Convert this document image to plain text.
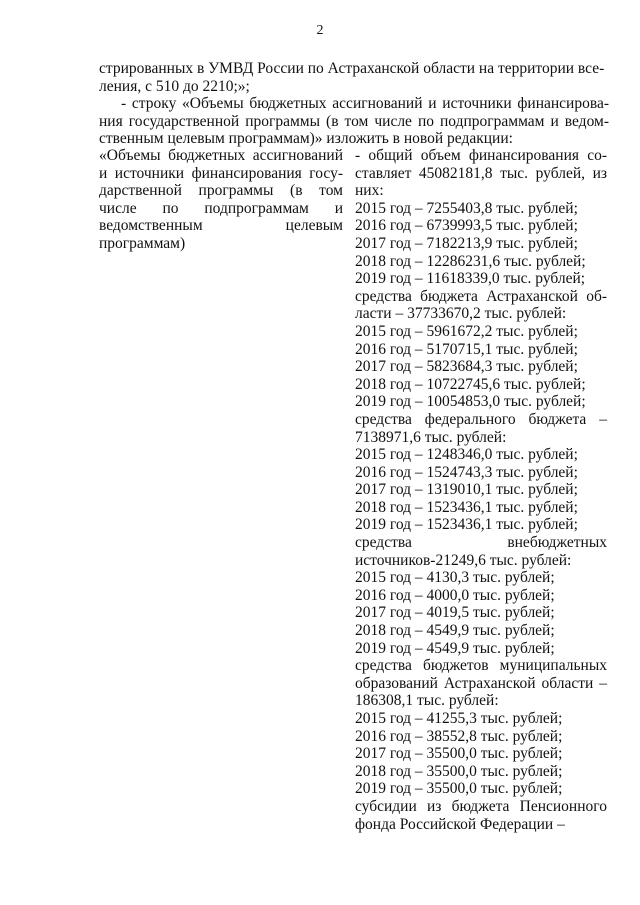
2

стрированных в УМВД России по Астраханской области на территории все-

ления, с 510 до 2210;»;

- строку «Объемы бюджетных ассигнований и источники финансирова-ния государственной программы (в том числе по подпрограммам и ведом-ственным целевым программам)» изложить в новой редакции:

«Объемы бюджетных ассигнований и источники финансирования госу-дарственной программы (в том числе по подпрограммам и ведомственным целевым программам)
- общий объем финансирования со-ставляет 45082181,8 тыс. рублей, из них:
2015 год – 7255403,8 тыс. рублей;
2016 год – 6739993,5 тыс. рублей;
2017 год – 7182213,9 тыс. рублей;
2018 год – 12286231,6 тыс. рублей;
2019 год – 11618339,0 тыс. рублей;
средства бюджета Астраханской об-ласти – 37733670,2 тыс. рублей:
2015 год – 5961672,2 тыс. рублей;
2016 год – 5170715,1 тыс. рублей;
2017 год – 5823684,3 тыс. рублей;
2018 год – 10722745,6 тыс. рублей;
2019 год – 10054853,0 тыс. рублей;
средства федерального бюджета – 7138971,6 тыс. рублей:
2015 год – 1248346,0 тыс. рублей;
2016 год – 1524743,3 тыс. рублей;
2017 год – 1319010,1 тыс. рублей;
2018 год – 1523436,1 тыс. рублей;
2019 год – 1523436,1 тыс. рублей;
средства внебюджетных источников-21249,6 тыс. рублей:
2015 год – 4130,3 тыс. рублей;
2016 год – 4000,0 тыс. рублей;
2017 год – 4019,5 тыс. рублей;
2018 год – 4549,9 тыс. рублей;
2019 год – 4549,9 тыс. рублей;
средства бюджетов муниципальных образований Астраханской области – 186308,1 тыс. рублей:
2015 год – 41255,3 тыс. рублей;
2016 год – 38552,8 тыс. рублей;
2017 год – 35500,0 тыс. рублей;
2018 год – 35500,0 тыс. рублей;
2019 год – 35500,0 тыс. рублей;
субсидии из бюджета Пенсионного фонда Российской Федерации –
